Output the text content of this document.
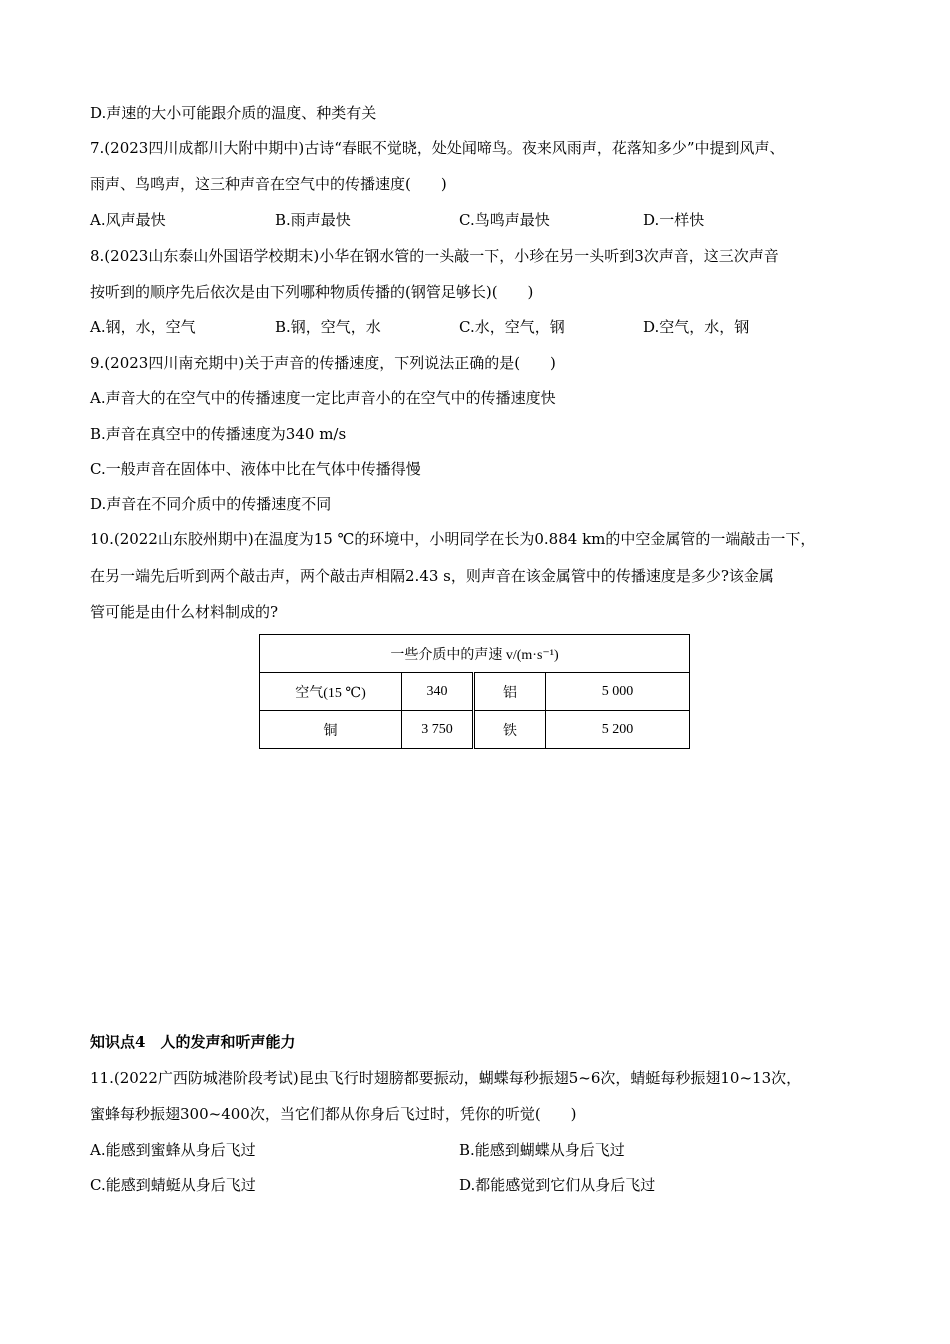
D.声速的大小可能跟介质的温度、种类有关
7.(2023四川成都川大附中期中)古诗“春眠不觉晓，处处闻啼鸟。夜来风雨声，花落知多少”中提到风声、
雨声、鸟鸣声，这三种声音在空气中的传播速度(　　)
A.风声最快	B.雨声最快	C.鸟鸣声最快	D.一样快
8.(2023山东泰山外国语学校期末)小华在钢水管的一头敲一下，小珍在另一头听到3次声音，这三次声音
按听到的顺序先后依次是由下列哪种物质传播的(钢管足够长)(　　)
A.钢，水，空气	B.钢，空气，水	C.水，空气，钢	D.空气，水，钢
9.(2023四川南充期中)关于声音的传播速度，下列说法正确的是(　　)
A.声音大的在空气中的传播速度一定比声音小的在空气中的传播速度快
B.声音在真空中的传播速度为340 m/s
C.一般声音在固体中、液体中比在气体中传播得慢
D.声音在不同介质中的传播速度不同
10.(2022山东胶州期中)在温度为15 ℃的环境中，小明同学在长为0.884 km的中空金属管的一端敲击一下，
在另一端先后听到两个敲击声，两个敲击声相隔2.43 s，则声音在该金属管中的传播速度是多少?该金属
管可能是由什么材料制成的?
一些介质中的声速 v/(m·s⁻¹)			
空气(15 ℃)	340	铝	5 000
铜	3 750	铁	5 200
知识点4　人的发声和听声能力
11.(2022广西防城港阶段考试)昆虫飞行时翅膀都要振动，蝴蝶每秒振翅5~6次，蜻蜓每秒振翅10~13次，
蜜蜂每秒振翅300~400次，当它们都从你身后飞过时，凭你的听觉(　　)
A.能感到蜜蜂从身后飞过	B.能感到蝴蝶从身后飞过
C.能感到蜻蜓从身后飞过	D.都能感觉到它们从身后飞过
